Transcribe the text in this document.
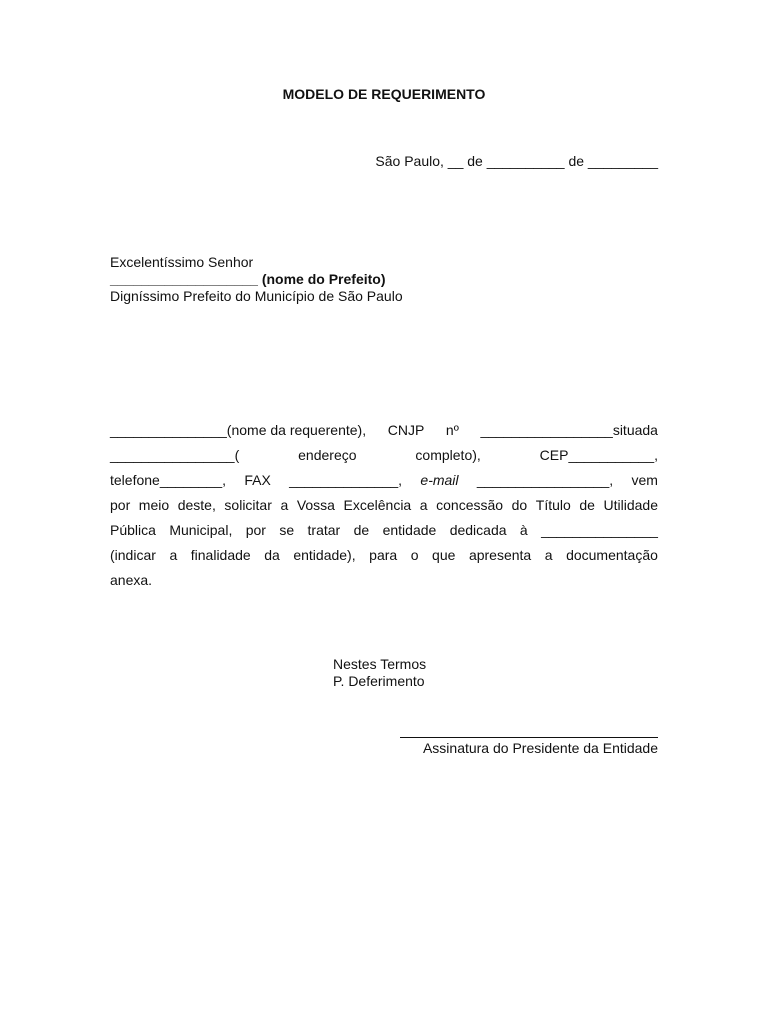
MODELO DE REQUERIMENTO
São Paulo, __ de __________ de _________
Excelentíssimo Senhor
___________________ (nome do Prefeito)
Digníssimo Prefeito do Município de São Paulo
_______________(nome da requerente), CNJP nº _________________situada
________________(	endereço	completo),	CEP___________,
telefone________, FAX ______________, e-mail _________________, vem
por meio deste, solicitar a Vossa Excelência a concessão do Título de Utilidade
Pública Municipal, por se tratar de entidade dedicada à _______________
(indicar a finalidade da entidade), para o que apresenta a documentação
anexa.
Nestes Termos
P. Deferimento
Assinatura do Presidente da Entidade
